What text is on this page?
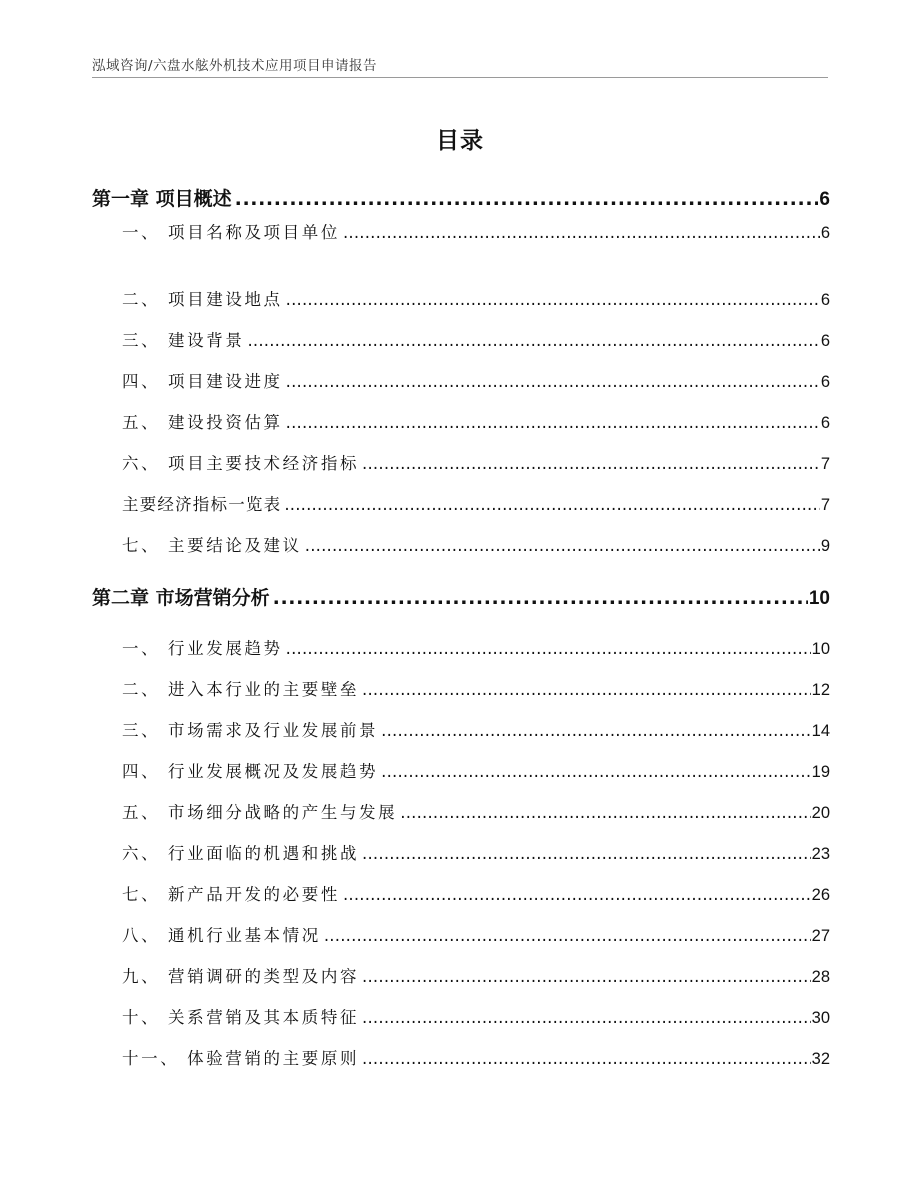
泓域咨询/六盘水舷外机技术应用项目申请报告
目录
第一章 项目概述 .....	6
一、 项目名称及项目单位 .....	6
二、 项目建设地点 .....	6
三、 建设背景 .....	6
四、 项目建设进度 .....	6
五、 建设投资估算 .....	6
六、 项目主要技术经济指标 .....	7
主要经济指标一览表 .....	7
七、 主要结论及建议 .....	9
第二章 市场营销分析 .....	10
一、 行业发展趋势 .....	10
二、 进入本行业的主要壁垒 .....	12
三、 市场需求及行业发展前景 .....	14
四、 行业发展概况及发展趋势 .....	19
五、 市场细分战略的产生与发展 .....	20
六、 行业面临的机遇和挑战 .....	23
七、 新产品开发的必要性 .....	26
八、 通机行业基本情况 .....	27
九、 营销调研的类型及内容 .....	28
十、 关系营销及其本质特征 .....	30
十一、 体验营销的主要原则 .....	32
